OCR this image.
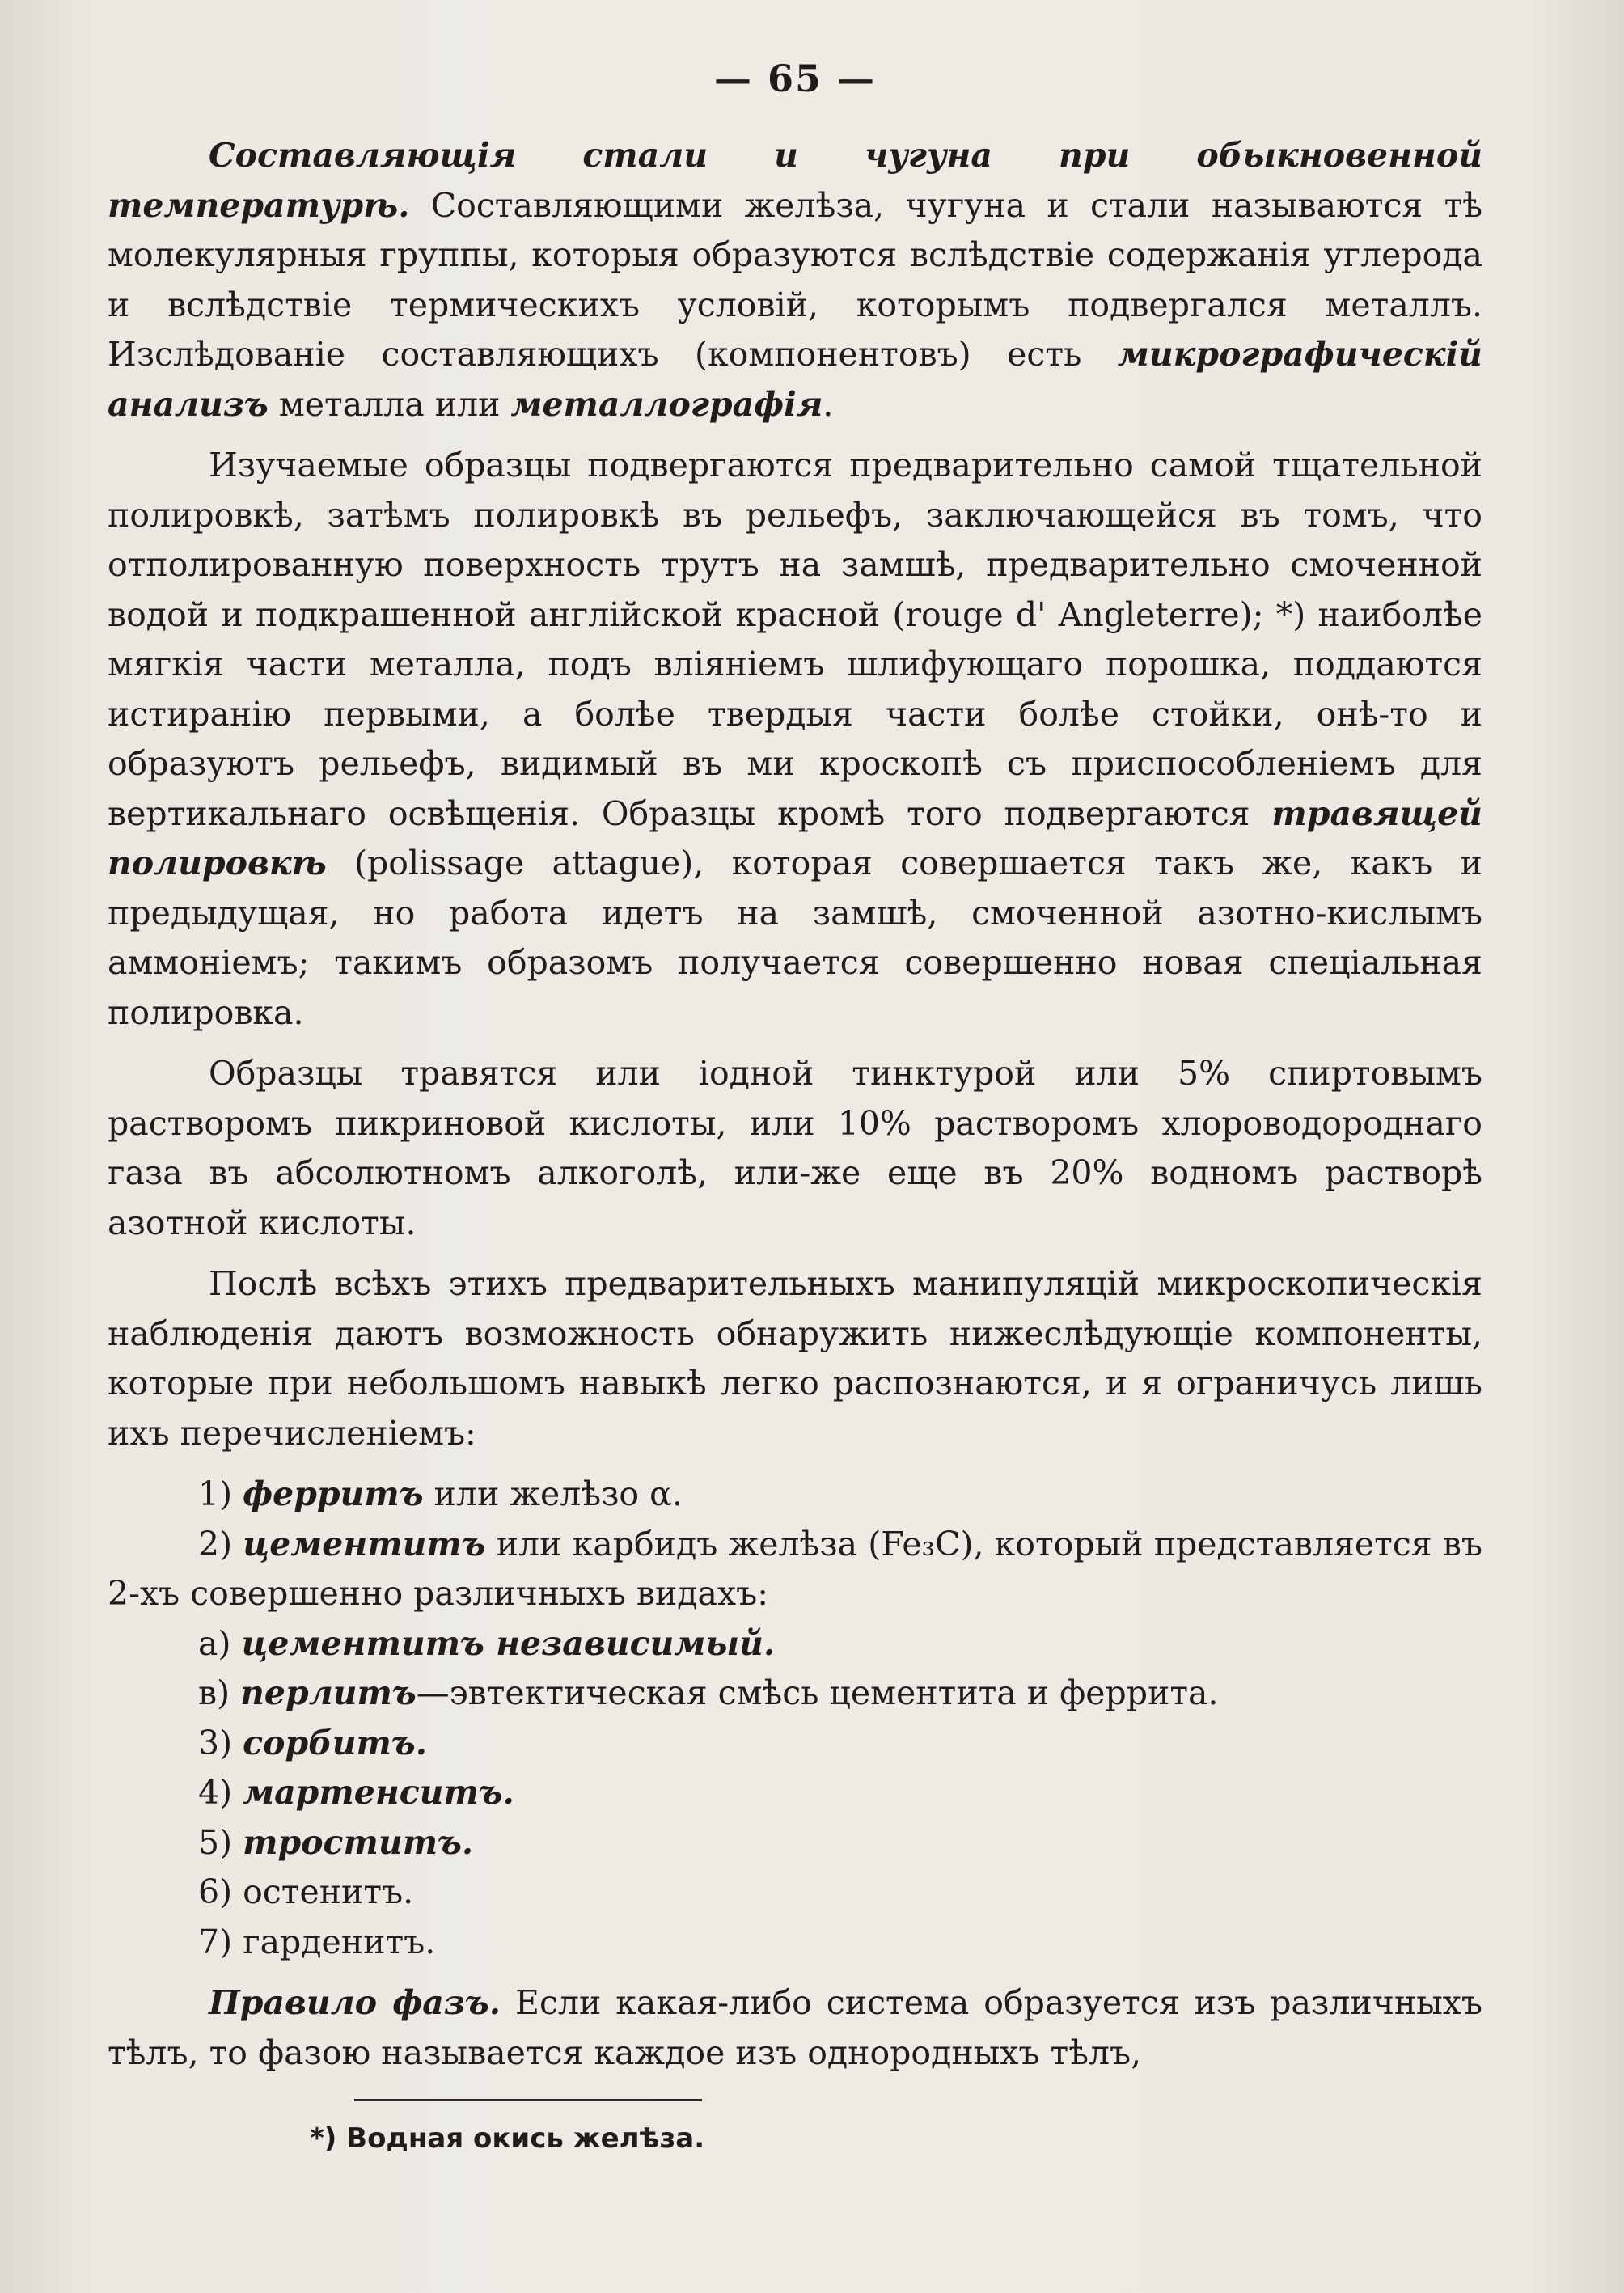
— 65 —

Составляющія стали и чугуна при обыкновенной температурѣ. Составляющими желѣза, чугуна и стали называются тѣ молекулярныя группы, которыя образуются вслѣдствіе содержанія углерода и вслѣдствіе термическихъ условій, которымъ подвергался металлъ. Изслѣдованіе составляющихъ (компонентовъ) есть микрографическій анализъ металла или металлографія.

Изучаемые образцы подвергаются предварительно самой тщательной полировкѣ, затѣмъ полировкѣ въ рельефъ, заключающейся въ томъ, что отполированную поверхность трутъ на замшѣ, предварительно смоченной водой и подкрашенной англійской красной (rouge d' Angleterre); *) наиболѣе мягкія части металла, подъ вліяніемъ шлифующаго порошка, поддаются истиранію первыми, а болѣе твердыя части болѣе стойки, онѣ-то и образуютъ рельефъ, видимый въ ми кроскопѣ съ приспособленіемъ для вертикальнаго освѣщенія. Образцы кромѣ того подвергаются травящей полировкѣ (polissage attague), которая совершается такъ же, какъ и предыдущая, но работа идетъ на замшѣ, смоченной азотно-кислымъ аммоніемъ; такимъ образомъ получается совершенно новая спеціальная полировка.

Образцы травятся или іодной тинктурой или 5% спиртовымъ растворомъ пикриновой кислоты, или 10% растворомъ хлороводороднаго газа въ абсолютномъ алкоголѣ, или-же еще въ 20% водномъ растворѣ азотной кислоты.

Послѣ всѣхъ этихъ предварительныхъ манипуляцій микроскопическія наблюденія даютъ возможность обнаружить нижеслѣдующіе компоненты, которые при небольшомъ навыкѣ легко распознаются, и я ограничусь лишь ихъ перечисленіемъ:

1) ферритъ или желѣзо α.

2) цементитъ или карбидъ желѣза (Fe₃C), который представляется въ 2-хъ совершенно различныхъ видахъ:

а) цементитъ независимый.

в) перлитъ—эвтектическая смѣсь цементита и феррита.

3) сорбитъ.

4) мартенситъ.

5) троститъ.

6) остенитъ.

7) гарденитъ.

Правило фазъ. Если какая-либо система образуется изъ различныхъ тѣлъ, то фазою называется каждое изъ однородныхъ тѣлъ,

*) Водная окись желѣза.
